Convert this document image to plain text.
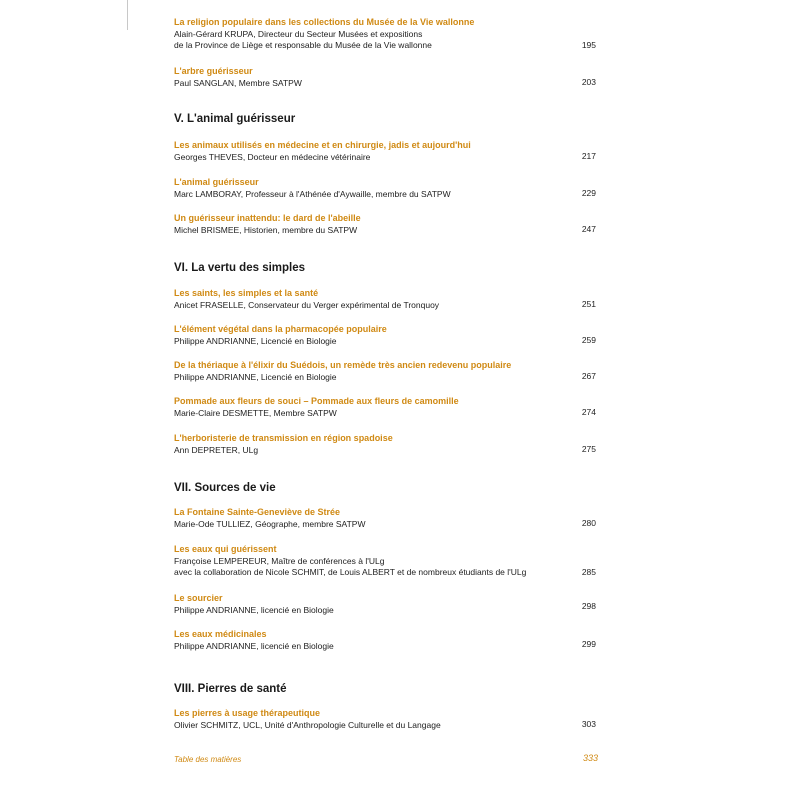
La religion populaire dans les collections du Musée de la Vie wallonne
Alain-Gérard KRUPA, Directeur du Secteur Musées et expositions
de la Province de Liège et responsable du Musée de la Vie wallonne	195
L'arbre guérisseur
Paul SANGLAN, Membre SATPW	203
V. L'animal guérisseur
Les animaux utilisés en médecine et en chirurgie, jadis et aujourd'hui
Georges THEVES, Docteur en médecine vétérinaire	217
L'animal guérisseur
Marc LAMBORAY, Professeur à l'Athénée d'Aywaille, membre du SATPW	229
Un guérisseur inattendu: le dard de l'abeille
Michel BRISMEE, Historien, membre du SATPW	247
VI. La vertu des simples
Les saints, les simples et la santé
Anicet FRASELLE, Conservateur du Verger expérimental de Tronquoy	251
L'élément végétal dans la pharmacopée populaire
Philippe ANDRIANNE, Licencié en Biologie	259
De la thériaque à l'élixir du Suédois, un remède très ancien redevenu populaire
Philippe ANDRIANNE, Licencié en Biologie	267
Pommade aux fleurs de souci – Pommade aux fleurs de camomille
Marie-Claire DESMETTE, Membre SATPW	274
L'herboristerie de transmission en région spadoise
Ann DEPRETER, ULg	275
VII. Sources de vie
La Fontaine Sainte-Geneviève de Strée
Marie-Ode TULLIEZ, Géographe, membre SATPW	280
Les eaux qui guérissent
Françoise LEMPEREUR, Maître de conférences à l'ULg
avec la collaboration de Nicole SCHMIT, de Louis ALBERT et de nombreux étudiants de l'ULg	285
Le sourcier
Philippe ANDRIANNE, licencié en Biologie	298
Les eaux médicinales
Philippe ANDRIANNE, licencié en Biologie	299
VIII. Pierres de santé
Les pierres à usage thérapeutique
Olivier SCHMITZ, UCL, Unité d'Anthropologie Culturelle et du Langage	303
Table des matières	333
